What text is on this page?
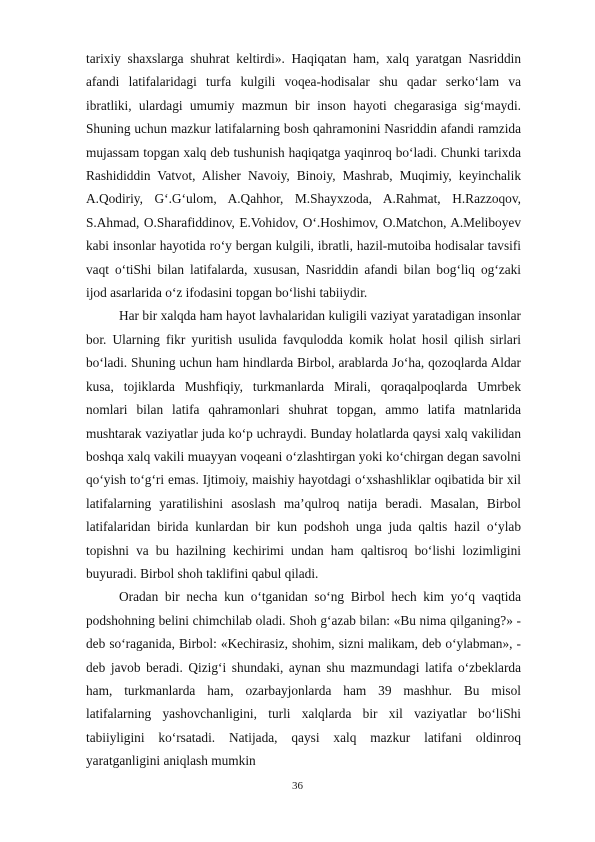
tarixiy shaxslarga shuhrat keltirdi». Haqiqatan ham, xalq yaratgan Nasriddin afandi latifalaridagi turfa kulgili voqea-hodisalar shu qadar serko‘lam va ibratliki, ulardagi umumiy mazmun bir inson hayoti chegarasiga sig‘maydi. Shuning uchun mazkur latifalarning bosh qahramonini Nasriddin afandi ramzida mujassam topgan xalq deb tushunish haqiqatga yaqinroq bo‘ladi. Chunki tarixda Rashididdin Vatvot, Alisher Navoiy, Binoiy, Mashrab, Muqimiy, keyinchalik A.Qodiriy, G‘.G‘ulom, A.Qahhor, M.Shayxzoda, A.Rahmat, H.Razzoqov, S.Ahmad, O.Sharafiddinov, E.Vohidov, O‘.Hoshimov, O.Matchon, A.Meliboyev kabi insonlar hayotida ro‘y bergan kulgili, ibratli, hazil-mutoiba hodisalar tavsifi vaqt o‘tiShi bilan latifalarda, xususan, Nasriddin afandi bilan bog‘liq og‘zaki ijod asarlarida o‘z ifodasini topgan bo‘lishi tabiiydir.

Har bir xalqda ham hayot lavhalaridan kuligili vaziyat yaratadigan insonlar bor. Ularning fikr yuritish usulida favqulodda komik holat hosil qilish sirlari bo‘ladi. Shuning uchun ham hindlarda Birbol, arablarda Jo‘ha, qozoqlarda Aldar kusa, tojiklarda Mushfiqiy, turkmanlarda Mirali, qoraqalpoqlarda Umrbek nomlari bilan latifa qahramonlari shuhrat topgan, ammo latifa matnlarida mushtarak vaziyatlar juda ko‘p uchraydi. Bunday holatlarda qaysi xalq vakilidan boshqa xalq vakili muayyan voqeani o‘zlashtirgan yoki ko‘chirgan degan savolni qo‘yish to‘g‘ri emas. Ijtimoiy, maishiy hayotdagi o‘xshashliklar oqibatida bir xil latifalarning yaratilishini asoslash ma’qulroq natija beradi. Masalan, Birbol latifalaridan birida kunlardan bir kun podshoh unga juda qaltis hazil o‘ylab topishni va bu hazilning kechirimi undan ham qaltisroq bo‘lishi lozimligini buyuradi. Birbol shoh taklifini qabul qiladi.

Oradan bir necha kun o‘tganidan so‘ng Birbol hech kim yo‘q vaqtida podshohning belini chimchilab oladi. Shoh g‘azab bilan: «Bu nima qilganing?» - deb so‘raganida, Birbol: «Kechirasiz, shohim, sizni malikam, deb o‘ylabman», - deb javob beradi. Qizig‘i shundaki, aynan shu mazmundagi latifa o‘zbeklarda ham, turkmanlarda ham, ozarbayjonlarda ham 39 mashhur. Bu misol latifalarning yashovchanligini, turli xalqlarda bir xil vaziyatlar bo‘liShi tabiiyligini ko‘rsatadi. Natijada, qaysi xalq mazkur latifani oldinroq yaratganligini aniqlash mumkin

36
